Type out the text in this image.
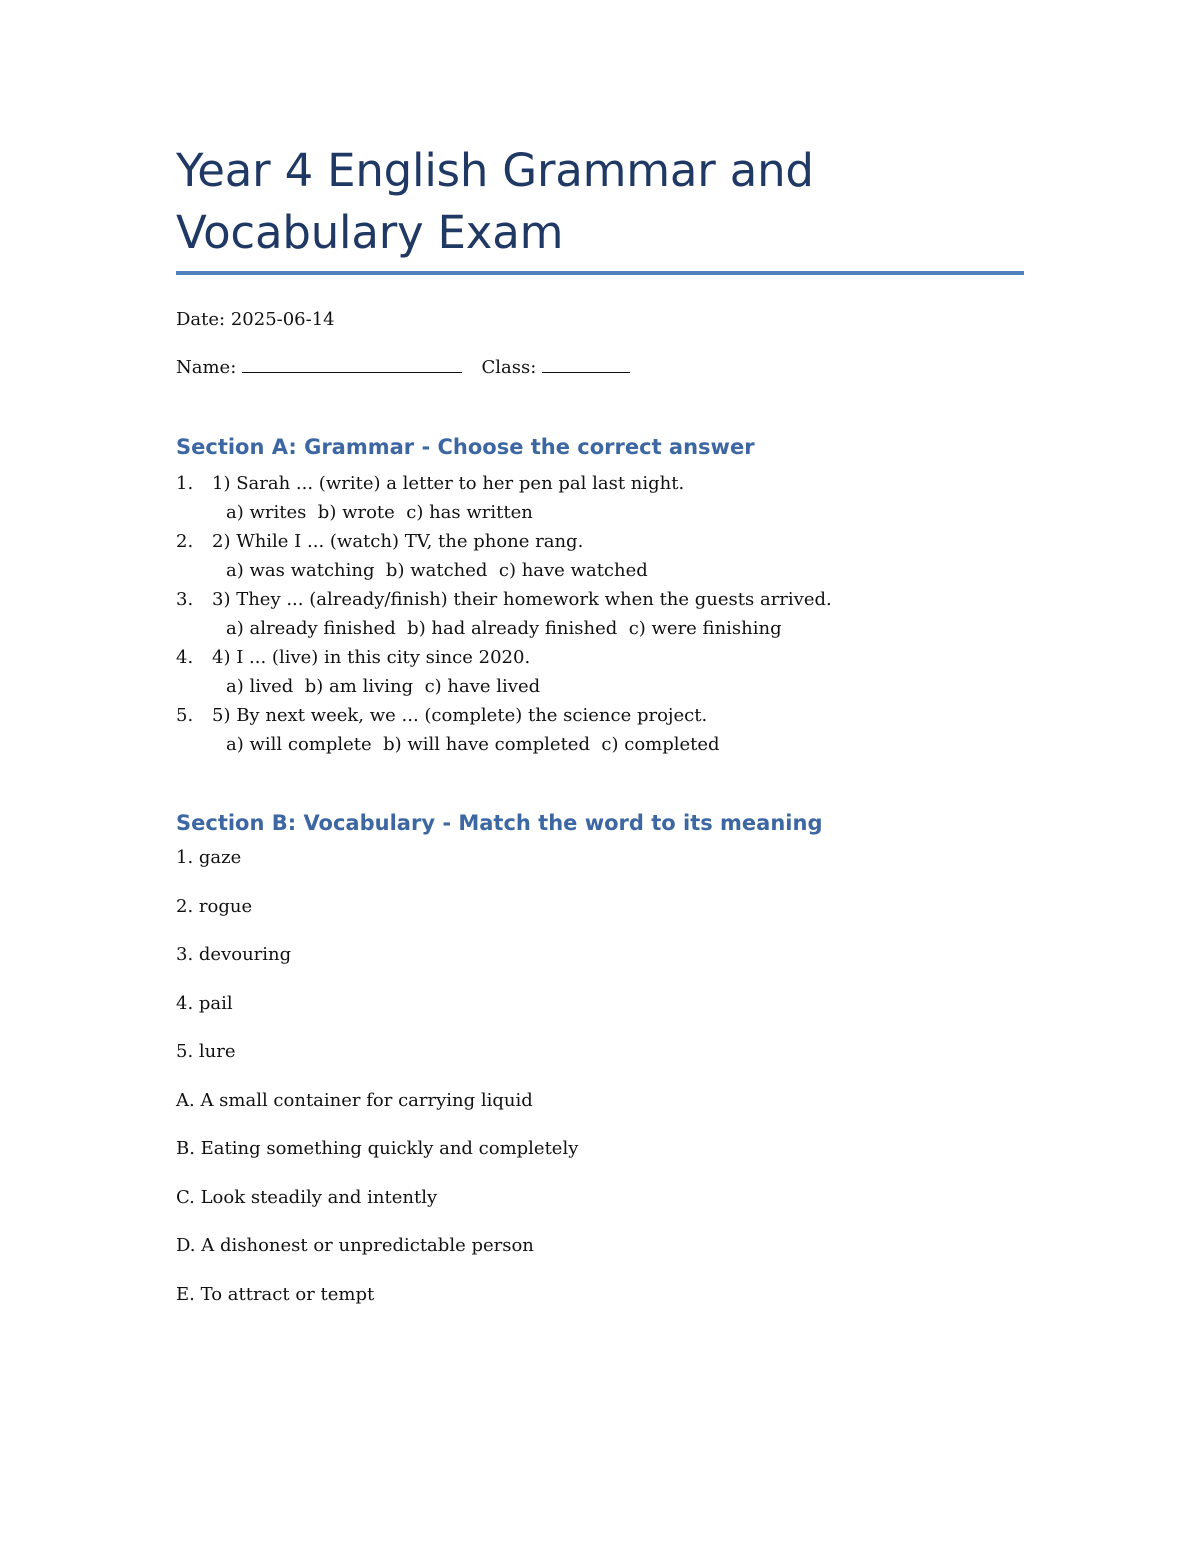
Year 4 English Grammar and Vocabulary Exam
Date: 2025-06-14
Name:	Class:
Section A: Grammar - Choose the correct answer
1. 1) Sarah ... (write) a letter to her pen pal last night.
a) writes  b) wrote  c) has written
2. 2) While I ... (watch) TV, the phone rang.
a) was watching  b) watched  c) have watched
3. 3) They ... (already/finish) their homework when the guests arrived.
a) already finished  b) had already finished  c) were finishing
4. 4) I ... (live) in this city since 2020.
a) lived  b) am living  c) have lived
5. 5) By next week, we ... (complete) the science project.
a) will complete  b) will have completed  c) completed
Section B: Vocabulary - Match the word to its meaning
1. gaze
2. rogue
3. devouring
4. pail
5. lure
A. A small container for carrying liquid
B. Eating something quickly and completely
C. Look steadily and intently
D. A dishonest or unpredictable person
E. To attract or tempt
